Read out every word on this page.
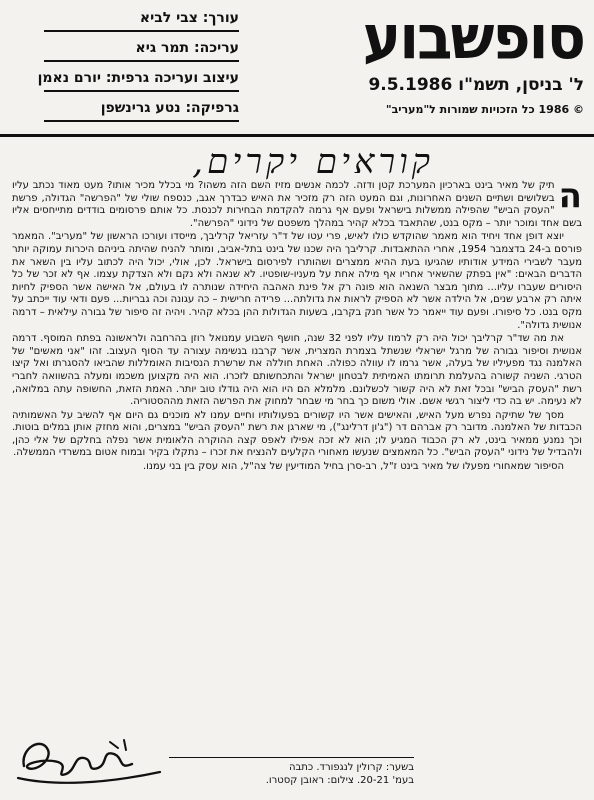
עורך: צבי לביא
עריכה: תמר גיא
עיצוב ועריכה גרפית: יורם נאמן
גרפיקה: נטע גרינשפן
סופשבוע
ל' בניסן, תשמ"ו 9.5.1986
© 1986 כל הזכויות שמורות ל"מעריב"
קוראים יקרים,

ה
תיק של מאיר בינט בארכיון המערכת קטן ודזה. לכמה אנשים מזיז השם הזה משהו? מי בכלל מכיר אותו? מעט מאוד נכתב עליו בשלושים ושתיים השנים האחרונות, וגם המעט הזה רק מזכיר את האיש כבדרך אגב, כנספח שולי של "הפרשה" הגדולה, פרשת "העסק הביש" שהפילה ממשלות בישראל ופעם אף גרמה להקדמת הבחירות לכנסת. כל אותם פרסומים בודדים מתייחסים אליו בשם אחד ומוכר יותר – מקס בנט, שהתאבד בכלא קהיר במהלך משפטם של נידוני "הפרשה".

יוצא דופן אחד ויחיד הוא מאמר שהוקדש כולו לאיש, פרי עטו של ד"ר עזריאל קרליבך, מייסדו ועורכו הראשון של "מעריב". המאמר פורסם ב-24 בדצמבר 1954, אחרי ההתאבדות. קרליבך היה שכנו של בינט בתל-אביב, ומותר להניח שהיתה ביניהם היכרות עמוקה יותר מעבר לשבירי המידע אודותיו שהגיעו בעת ההיא ממצרים ושהותרו לפירסום בישראל. לכן, אולי, יכול היה לכתוב עליו בין השאר את הדברים הבאים: "אין בפתק שהשאיר אחריו אף מילה אחת על מעניו-שופטיו. לא שנאה ולא נקם ולא הצדקת עצמו. אף לא זכר של כל היסורים שעברו עליו... מתוך מבצר השנאה הוא פונה רק אל פינת האהבה היחידה שנותרה לו בעולם, אל האישה אשר הספיק לחיות איתה רק ארבע שנים, אל הילדה אשר לא הספיק לראות את גדולתה... פרידה חרישית – כה עגונה וכה גבריות... פעם ודאי עוד ייכתב על מקס בנט. כל סיפורו. ופעם עוד ייאמר כל אשר חנק בקרבו, בשעות הגדולות ההן בכלא קהיר. ויהיה זה סיפור של גבורה עילאית – דרמה אנושית גדולה".

את מה שד"ר קרליבך יכול היה רק לרמוז עליו לפני 32 שנה, חושף השבוע עמנואל רוזן בהרחבה ולראשונה בפתח המוסף. דרמה אנושית וסיפור גבורה של מרגל ישראלי שנשתל בצמרת המצרית, אשר קרבנו בנשימה עצורה עד הסוף העצוב. זהו "אני מאשים" של האלמנה נגד מפעיליו של בעלה, אשר גרמו לו עוולה כפולה. האחת חוללה את שרשרת הנסיבות האומללות שהביאו להסגרתו ואל קיצו הטרגי. השניה קשורה בהעלמת תרומתו האמיתית לבטחון ישראל והתכחשותם לזכרו. הוא היה מקצוען משכמו ומעלה בהשוואה לחברי רשת "העסק הביש" ובכל זאת לא היה קשור לכשלונם. מלמלא הם היו הוא היה גודלו טוב יותר. האמת הזאת, החשופה עתה במלואה, לא נעימה. יש בה כדי ליצור רגשי אשם. אולי משום כך בחר מי שבחר למחוק את הפרשה הזאת מההסטוריה.

מסך של שתיקה נפרש מעל האיש, והאישים אשר היו קשורים בפעולותיו וחיים עמנו לא מוכנים גם היום אף להשיב על האשמותיה הכבדות של האלמנה. מדובר רק אברהם דר ("ג'ון דרלינג"), מי שארגן את רשת "העסק הביש" במצרים, והוא מחזק אותן במלים בוטות. וכך נמנע ממאיר בינט, לא רק הכבוד המגיע לו; הוא לא זכה אפילו לאפס קצה ההוקרה הלאומית אשר נפלה בחלקם של אלי כהן, ולהבדיל של נידוני "העסק הביש". כל המאמצים שנעשו מאחורי הקלעים להנציח את זכרו – נתקלו בקיר ובמוח אטום במשרדי הממשלה.

הסיפור שמאחורי מפעלו של מאיר בינט ז"ל, רב-סרן בחיל המודיעין של צה"ל, הוא עסק בין בני עמנו.

בשער: קרולין לנגפורד. כתבה
בעמ' 20-21. צילום: ראובן קסטרו.
